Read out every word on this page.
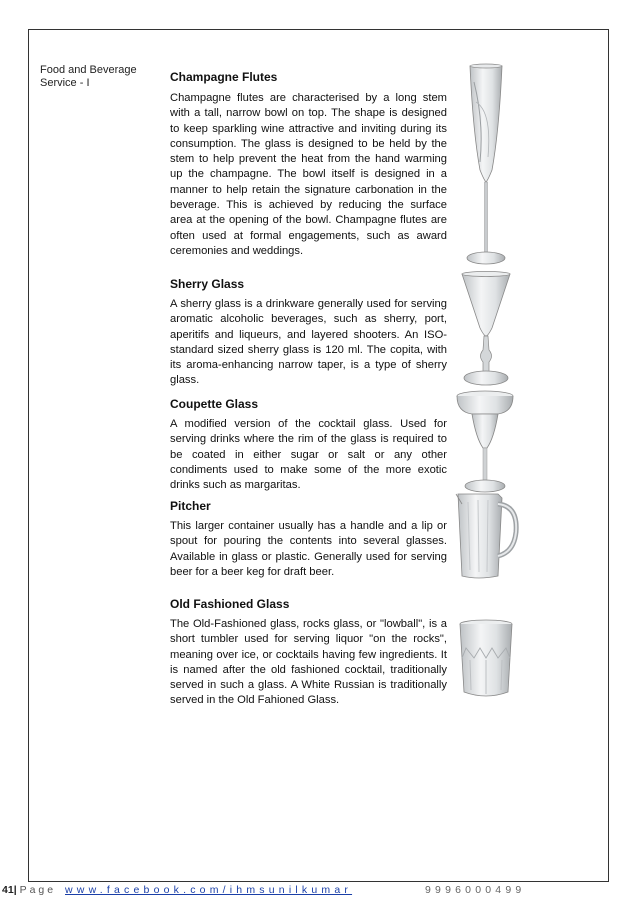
Food and Beverage Service - I	Champagne Flutes

Champagne flutes are characterised by a long stem with a tall, narrow bowl on top. The shape is designed to keep sparkling wine attractive and inviting during its consumption. The glass is designed to be held by the stem to help prevent the heat from the hand warming up the champagne. The bowl itself is designed in a manner to help retain the signature carbonation in the beverage. This is achieved by reducing the surface area at the opening of the bowl. Champagne flutes are often used at formal engagements, such as award ceremonies and weddings.

Sherry Glass

A sherry glass is a drinkware generally used for serving aromatic alcoholic beverages, such as sherry, port, aperitifs and liqueurs, and layered shooters. An ISO-standard sized sherry glass is 120 ml. The copita, with its aroma-enhancing narrow taper, is a type of sherry glass.

Coupette Glass

A modified version of the cocktail glass. Used for serving drinks where the rim of the glass is required to be coated in either sugar or salt or any other condiments used to make some of the more exotic drinks such as margaritas.

Pitcher

This larger container usually has a handle and a lip or spout for pouring the contents into several glasses. Available in glass or plastic. Generally used for serving beer for a beer keg for draft beer.

Old Fashioned Glass

The Old-Fashioned glass, rocks glass, or "lowball", is a short tumbler used for serving liquor "on the rocks", meaning over ice, or cocktails having few ingredients. It is named after the old fashioned cocktail, traditionally served in such a glass. A White Russian is traditionally served in the Old Fahioned Glass.

41| Page www.facebook.com/ihmsunilkumar	9996000499
